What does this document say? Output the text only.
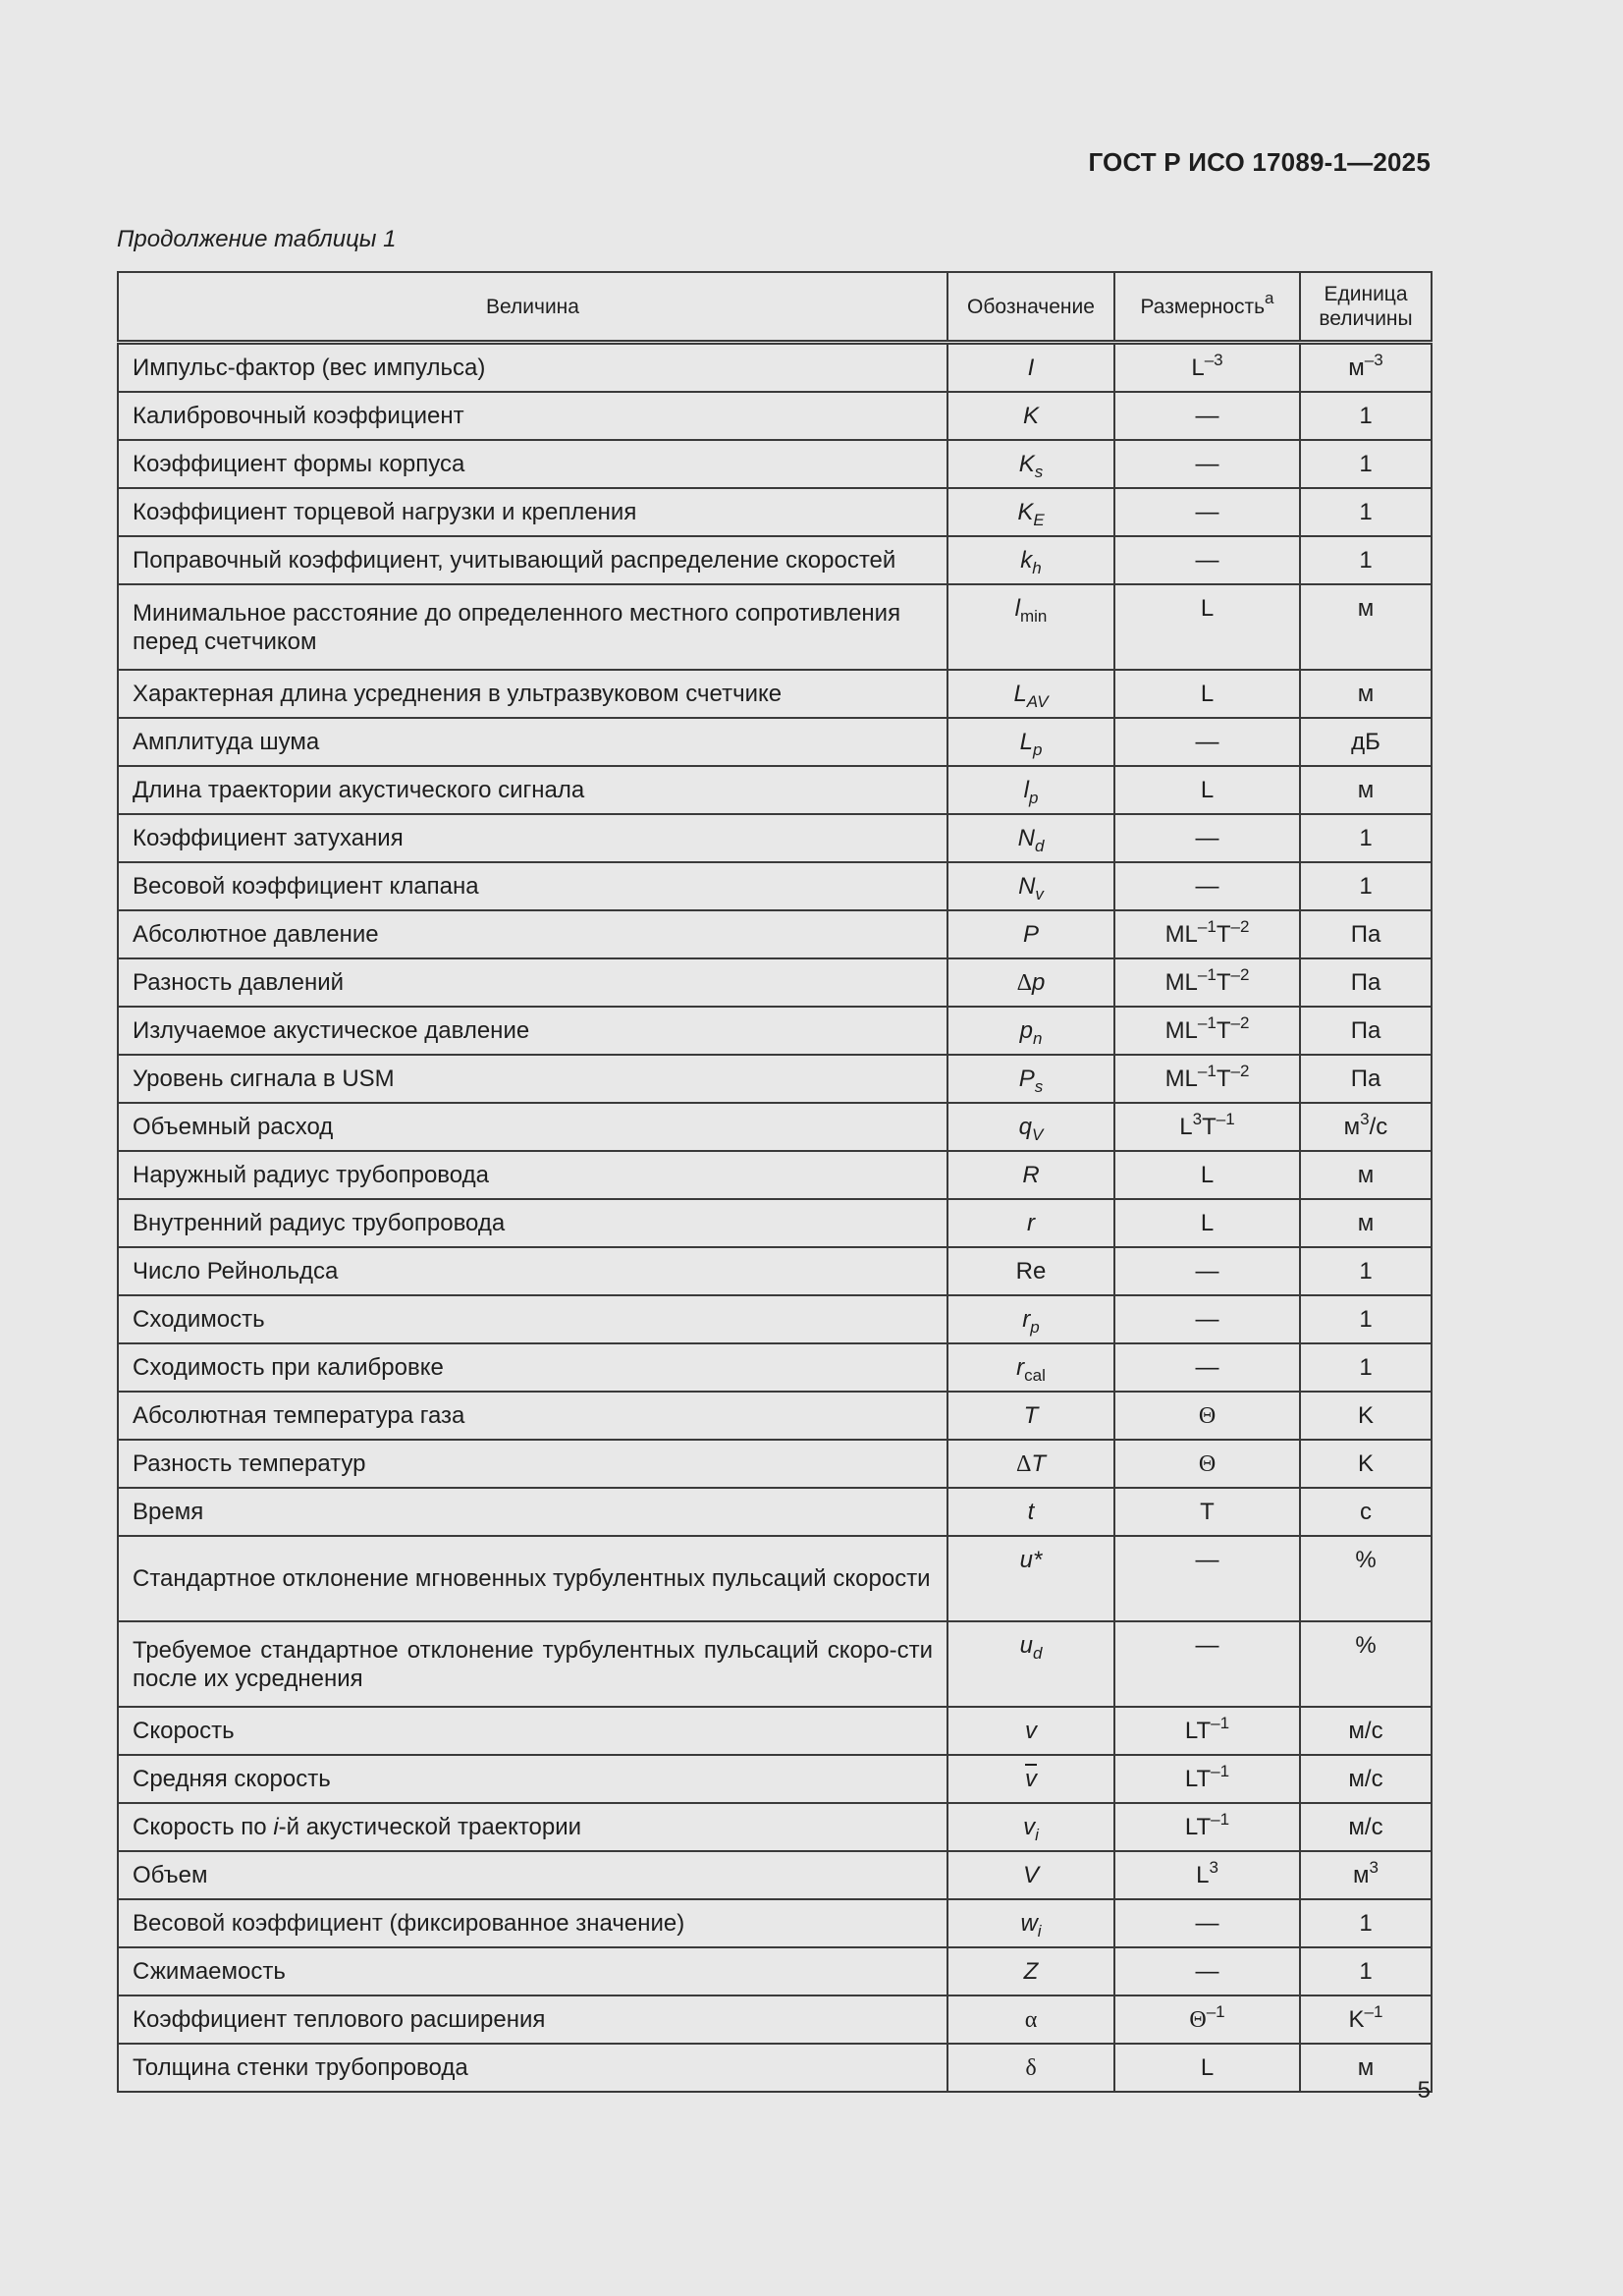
ГОСТ Р ИСО 17089-1—2025
Продолжение таблицы 1
Величина	Обозначение	Размерность$^a$	Единица величины
Импульс-фактор (вес импульса)	I	$L^{-3}$	$м^{-3}$
Калибровочный коэффициент	K	—	1
Коэффициент формы корпуса	$K_s$	—	1
Коэффициент торцевой нагрузки и крепления	$K_E$	—	1
Поправочный коэффициент, учитывающий распределение скоростей	$k_h$	—	1
Минимальное расстояние до определенного местного сопротивления перед счетчиком	$l_{min}$	L	м
Характерная длина усреднения в ультразвуковом счетчике	$L_{AV}$	L	м
Амплитуда шума	$L_p$	—	дБ
Длина траектории акустического сигнала	$l_p$	L	м
Коэффициент затухания	$N_d$	—	1
Весовой коэффициент клапана	$N_v$	—	1
Абсолютное давление	P	$ML^{-1}T^{-2}$	Па
Разность давлений	Δp	$ML^{-1}T^{-2}$	Па
Излучаемое акустическое давление	$p_n$	$ML^{-1}T^{-2}$	Па
Уровень сигнала в USM	$P_s$	$ML^{-1}T^{-2}$	Па
Объемный расход	$q_V$	$L^3T^{-1}$	$м^3/с$
Наружный радиус трубопровода	R	L	м
Внутренний радиус трубопровода	r	L	м
Число Рейнольдса	Re	—	1
Сходимость	$r_p$	—	1
Сходимость при калибровке	$r_{cal}$	—	1
Абсолютная температура газа	T	Θ	K
Разность температур	ΔT	Θ	K
Время	t	T	с
Стандартное отклонение мгновенных турбулентных пульсаций скорости	u*	—	%
Требуемое стандартное отклонение турбулентных пульсаций скоро-сти после их усреднения	$u_d$	—	%
Скорость	v	$LT^{-1}$	м/с
Средняя скорость	$\overline{v}$	$LT^{-1}$	м/с
Скорость по i-й акустической траектории	$v_i$	$LT^{-1}$	м/с
Объем	V	$L^3$	$м^3$
Весовой коэффициент (фиксированное значение)	$w_i$	—	1
Сжимаемость	Z	—	1
Коэффициент теплового расширения	α	$\Theta^{-1}$	$K^{-1}$
Толщина стенки трубопровода	δ	L	м
5
